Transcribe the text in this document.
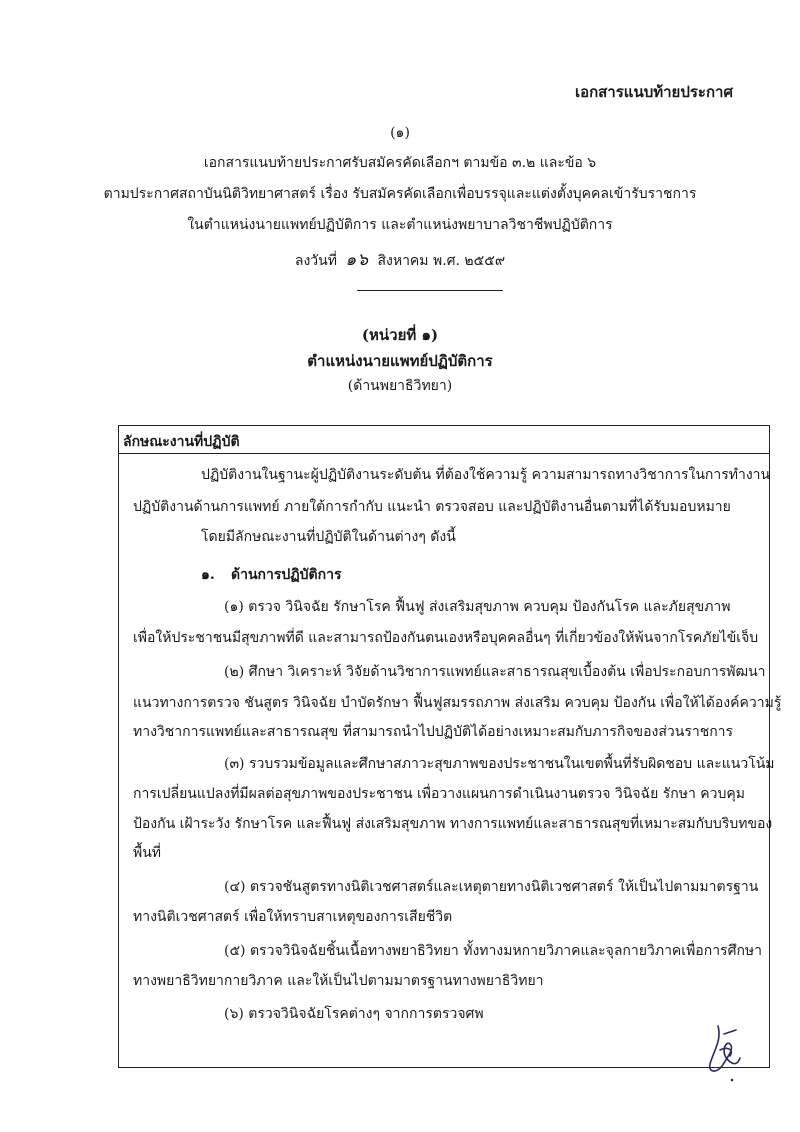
เอกสารแนบท้ายประกาศ
(๑)
เอกสารแนบท้ายประกาศรับสมัครคัดเลือกฯ ตามข้อ ๓.๒ และข้อ ๖
ตามประกาศสถาบันนิติวิทยาศาสตร์ เรื่อง รับสมัครคัดเลือกเพื่อบรรจุและแต่งตั้งบุคคลเข้ารับราชการ
ในตำแหน่งนายแพทย์ปฏิบัติการ และตำแหน่งพยาบาลวิชาชีพปฏิบัติการ
ลงวันที่ ๑๖ สิงหาคม พ.ศ. ๒๕๕๙
(หน่วยที่ ๑)
ตำแหน่งนายแพทย์ปฏิบัติการ
(ด้านพยาธิวิทยา)
ลักษณะงานที่ปฏิบัติ
ปฏิบัติงานในฐานะผู้ปฏิบัติงานระดับต้น ที่ต้องใช้ความรู้ ความสามารถทางวิชาการในการทำงาน
ปฏิบัติงานด้านการแพทย์ ภายใต้การกำกับ แนะนำ ตรวจสอบ และปฏิบัติงานอื่นตามที่ได้รับมอบหมาย
โดยมีลักษณะงานที่ปฏิบัติในด้านต่างๆ ดังนี้
๑. ด้านการปฏิบัติการ
(๑) ตรวจ วินิจฉัย รักษาโรค ฟื้นฟู ส่งเสริมสุขภาพ ควบคุม ป้องกันโรค และภัยสุขภาพ
เพื่อให้ประชาชนมีสุขภาพที่ดี และสามารถป้องกันตนเองหรือบุคคลอื่นๆ ที่เกี่ยวข้องให้พ้นจากโรคภัยไข้เจ็บ
(๒) ศึกษา วิเคราะห์ วิจัยด้านวิชาการแพทย์และสาธารณสุขเบื้องต้น เพื่อประกอบการพัฒนา
แนวทางการตรวจ ชันสูตร วินิจฉัย บำบัดรักษา ฟื้นฟูสมรรถภาพ ส่งเสริม ควบคุม ป้องกัน เพื่อให้ได้องค์ความรู้
ทางวิชาการแพทย์และสาธารณสุข ที่สามารถนำไปปฏิบัติได้อย่างเหมาะสมกับภารกิจของส่วนราชการ
(๓) รวบรวมข้อมูลและศึกษาสภาวะสุขภาพของประชาชนในเขตพื้นที่รับผิดชอบ และแนวโน้ม
การเปลี่ยนแปลงที่มีผลต่อสุขภาพของประชาชน เพื่อวางแผนการดำเนินงานตรวจ วินิจฉัย รักษา ควบคุม
ป้องกัน เฝ้าระวัง รักษาโรค และฟื้นฟู ส่งเสริมสุขภาพ ทางการแพทย์และสาธารณสุขที่เหมาะสมกับบริบทของ
พื้นที่
(๔) ตรวจชันสูตรทางนิติเวชศาสตร์และเหตุตายทางนิติเวชศาสตร์ ให้เป็นไปตามมาตรฐาน
ทางนิติเวชศาสตร์ เพื่อให้ทราบสาเหตุของการเสียชีวิต
(๕) ตรวจวินิจฉัยชิ้นเนื้อทางพยาธิวิทยา ทั้งทางมหกายวิภาคและจุลกายวิภาคเพื่อการศึกษา
ทางพยาธิวิทยากายวิภาค และให้เป็นไปตามมาตรฐานทางพยาธิวิทยา
(๖) ตรวจวินิจฉัยโรคต่างๆ จากการตรวจศพ
